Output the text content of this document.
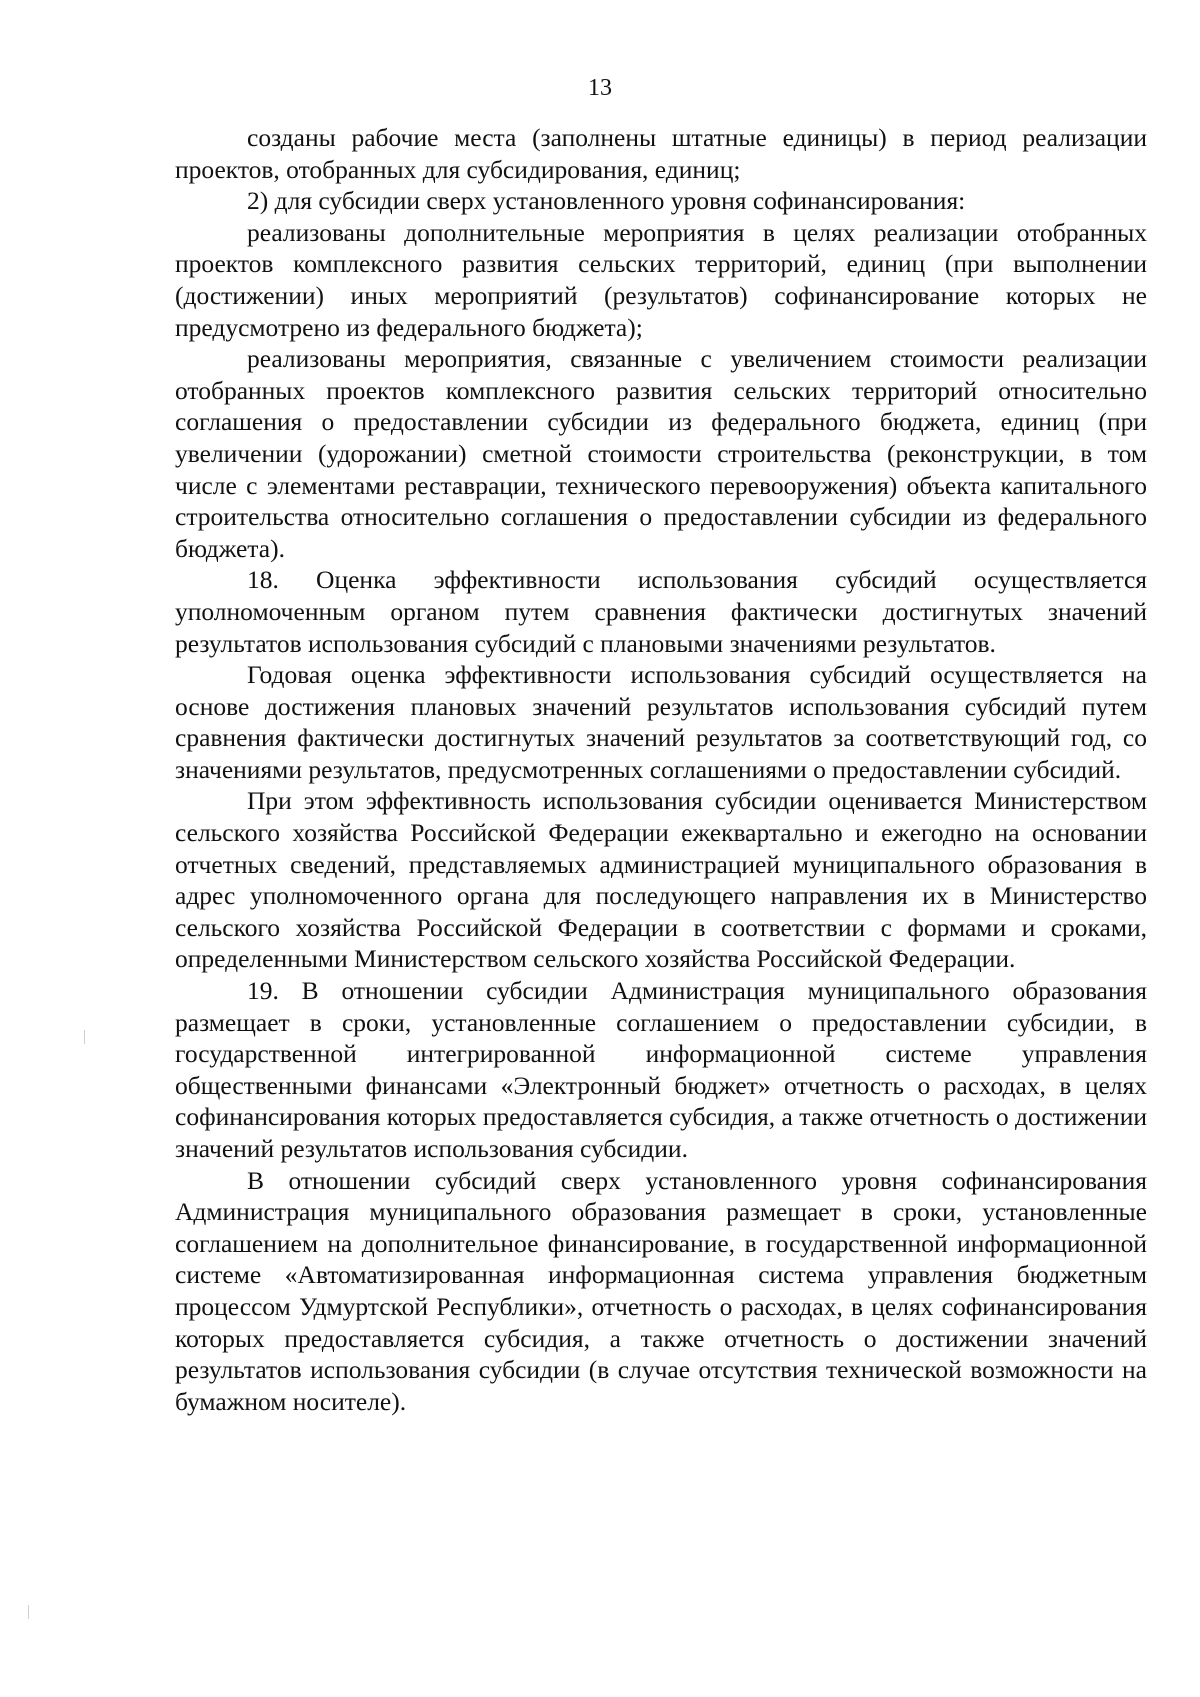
13

созданы рабочие места (заполнены штатные единицы) в период реализации проектов, отобранных для субсидирования, единиц;

2) для субсидии сверх установленного уровня софинансирования:

реализованы дополнительные мероприятия в целях реализации отобранных проектов комплексного развития сельских территорий, единиц (при выполнении (достижении) иных мероприятий (результатов) софинансирование которых не предусмотрено из федерального бюджета);

реализованы мероприятия, связанные с увеличением стоимости реализации отобранных проектов комплексного развития сельских территорий относительно соглашения о предоставлении субсидии из федерального бюджета, единиц (при увеличении (удорожании) сметной стоимости строительства (реконструкции, в том числе с элементами реставрации, технического перевооружения) объекта капитального строительства относительно соглашения о предоставлении субсидии из федерального бюджета).

18. Оценка эффективности использования субсидий осуществляется уполномоченным органом путем сравнения фактически достигнутых значений результатов использования субсидий с плановыми значениями результатов.

Годовая оценка эффективности использования субсидий осуществляется на основе достижения плановых значений результатов использования субсидий путем сравнения фактически достигнутых значений результатов за соответствующий год, со значениями результатов, предусмотренных соглашениями о предоставлении субсидий.

При этом эффективность использования субсидии оценивается Министерством сельского хозяйства Российской Федерации ежеквартально и ежегодно на основании отчетных сведений, представляемых администрацией муниципального образования в адрес уполномоченного органа для последующего направления их в Министерство сельского хозяйства Российской Федерации в соответствии с формами и сроками, определенными Министерством сельского хозяйства Российской Федерации.

19. В отношении субсидии Администрация муниципального образования размещает в сроки, установленные соглашением о предоставлении субсидии, в государственной интегрированной информационной системе управления общественными финансами «Электронный бюджет» отчетность о расходах, в целях софинансирования которых предоставляется субсидия, а также отчетность о достижении значений результатов использования субсидии.

В отношении субсидий сверх установленного уровня софинансирования Администрация муниципального образования размещает в сроки, установленные соглашением на дополнительное финансирование, в государственной информационной системе «Автоматизированная информационная система управления бюджетным процессом Удмуртской Республики», отчетность о расходах, в целях софинансирования которых предоставляется субсидия, а также отчетность о достижении значений результатов использования субсидии (в случае отсутствия технической возможности на бумажном носителе).
